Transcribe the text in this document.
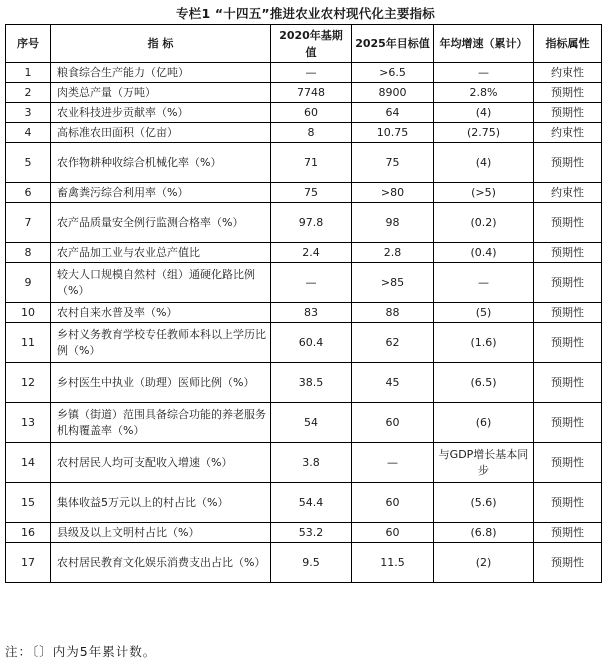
专栏1 “十四五”推进农业农村现代化主要指标
序号	指 标	2020年基期值	2025年目标值	年均增速（累计）	指标属性
1	粮食综合生产能力（亿吨）	—	>6.5	—	约束性
2	肉类总产量（万吨）	7748	8900	2.8%	预期性
3	农业科技进步贡献率（%）	60	64	(4)	预期性
4	高标准农田面积（亿亩）	8	10.75	(2.75)	约束性
5	农作物耕种收综合机械化率（%）	71	75	(4)	预期性
6	畜禽粪污综合利用率（%）	75	>80	(>5)	约束性
7	农产品质量安全例行监测合格率（%）	97.8	98	(0.2)	预期性
8	农产品加工业与农业总产值比	2.4	2.8	(0.4)	预期性
9	较大人口规模自然村（组）通硬化路比例（%）	—	>85	—	预期性
10	农村自来水普及率（%）	83	88	(5)	预期性
11	乡村义务教育学校专任教师本科以上学历比例（%）	60.4	62	(1.6)	预期性
12	乡村医生中执业（助理）医师比例（%）	38.5	45	(6.5)	预期性
13	乡镇（街道）范围具备综合功能的养老服务机构覆盖率（%）	54	60	(6)	预期性
14	农村居民人均可支配收入增速（%）	3.8	—	与GDP增长基本同步	预期性
15	集体收益5万元以上的村占比（%）	54.4	60	(5.6)	预期性
16	县级及以上文明村占比（%）	53.2	60	(6.8)	预期性
17	农村居民教育文化娱乐消费支出占比（%）	9.5	11.5	(2)	预期性
注：〔〕内为5年累计数。
